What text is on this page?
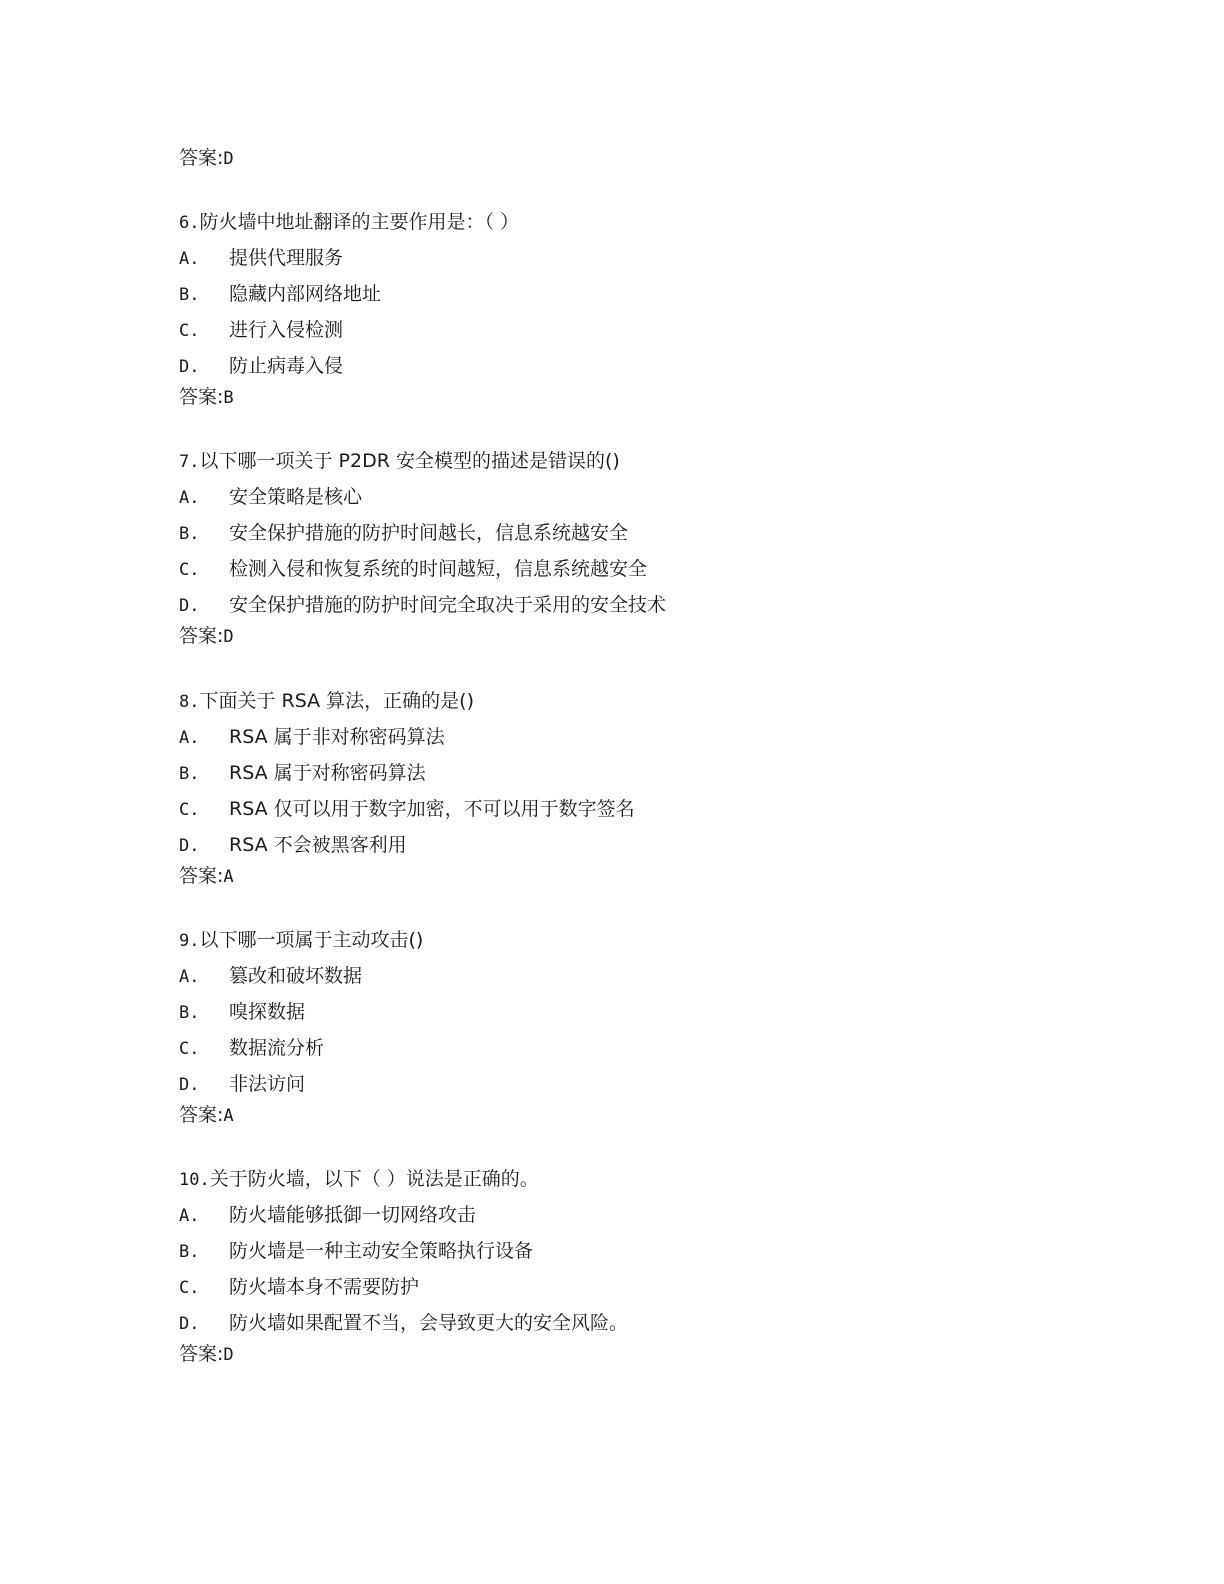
答案:D
6.防火墙中地址翻译的主要作用是：（ ）
A. 提供代理服务
B. 隐藏内部网络地址
C. 进行入侵检测
D. 防止病毒入侵
答案:B
7.以下哪一项关于 P2DR 安全模型的描述是错误的()
A. 安全策略是核心
B. 安全保护措施的防护时间越长，信息系统越安全
C. 检测入侵和恢复系统的时间越短，信息系统越安全
D. 安全保护措施的防护时间完全取决于采用的安全技术
答案:D
8.下面关于 RSA 算法，正确的是()
A. RSA 属于非对称密码算法
B. RSA 属于对称密码算法
C. RSA 仅可以用于数字加密，不可以用于数字签名
D. RSA 不会被黑客利用
答案:A
9.以下哪一项属于主动攻击()
A. 篡改和破坏数据
B. 嗅探数据
C. 数据流分析
D. 非法访问
答案:A
10.关于防火墙，以下（ ）说法是正确的。
A. 防火墙能够抵御一切网络攻击
B. 防火墙是一种主动安全策略执行设备
C. 防火墙本身不需要防护
D. 防火墙如果配置不当，会导致更大的安全风险。
答案:D
